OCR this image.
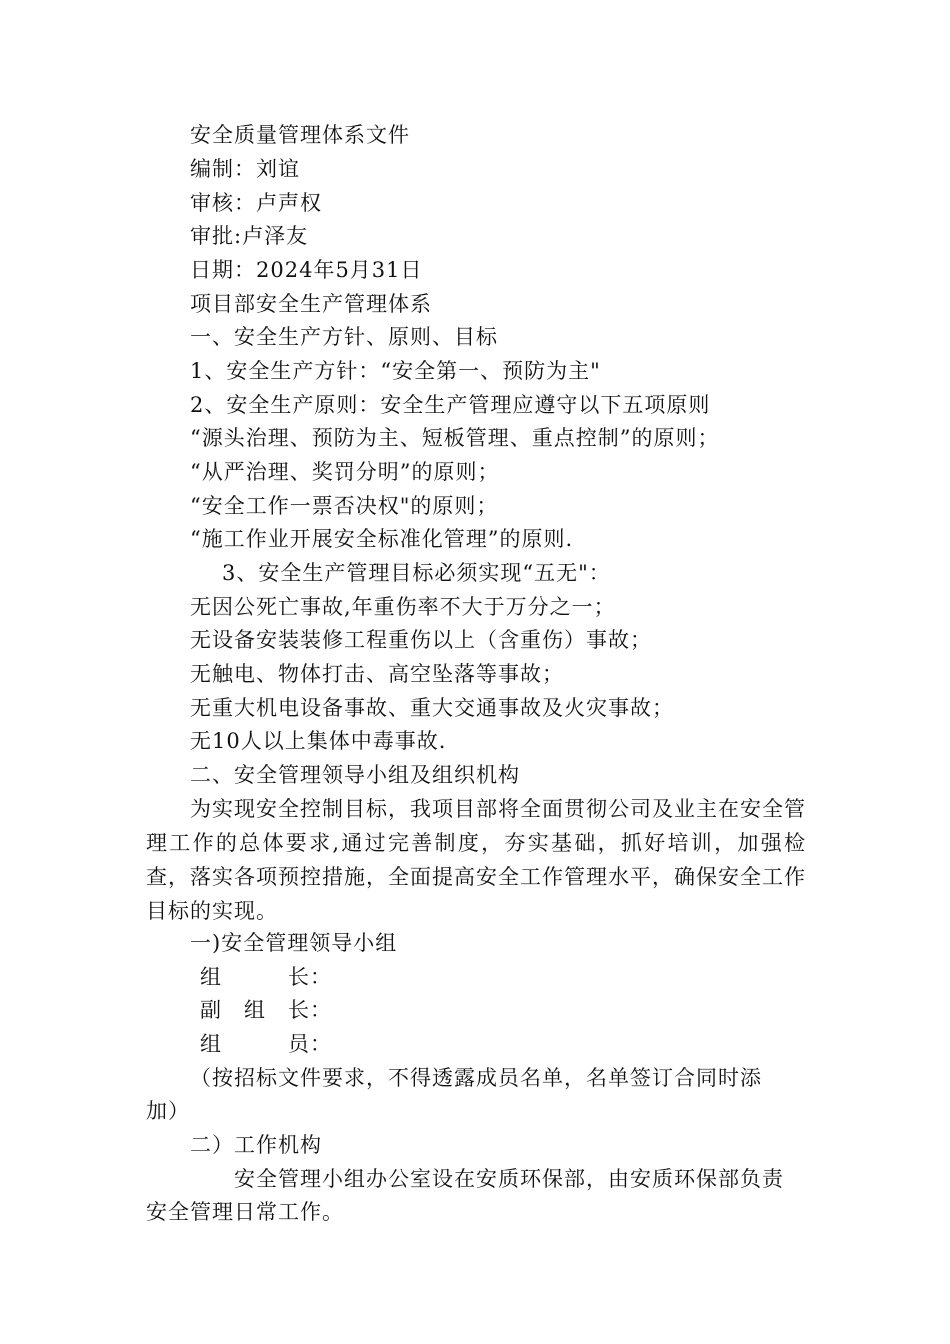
安全质量管理体系文件
编制：刘谊
审核：卢声权
审批:卢泽友
日期：2024年5月31日
项目部安全生产管理体系
一、安全生产方针、原则、目标
1、安全生产方针：“安全第一、预防为主"
2、安全生产原则：安全生产管理应遵守以下五项原则
“源头治理、预防为主、短板管理、重点控制”的原则；
“从严治理、奖罚分明”的原则；
“安全工作一票否决权"的原则；
“施工作业开展安全标准化管理”的原则.
3、安全生产管理目标必须实现“五无"：
无因公死亡事故,年重伤率不大于万分之一；
无设备安装装修工程重伤以上（含重伤）事故；
无触电、物体打击、高空坠落等事故；
无重大机电设备事故、重大交通事故及火灾事故；
无10人以上集体中毒事故.
二、安全管理领导小组及组织机构
为实现安全控制目标，我项目部将全面贯彻公司及业主在安全管理工作的总体要求,通过完善制度，夯实基础，抓好培训，加强检查，落实各项预控措施，全面提高安全工作管理水平，确保安全工作目标的实现。
一)安全管理领导小组
组　　　长：
副　组　长：
组　　　员：
（按招标文件要求，不得透露成员名单，名单签订合同时添
加）
二）工作机构
安全管理小组办公室设在安质环保部，由安质环保部负责
安全管理日常工作。
